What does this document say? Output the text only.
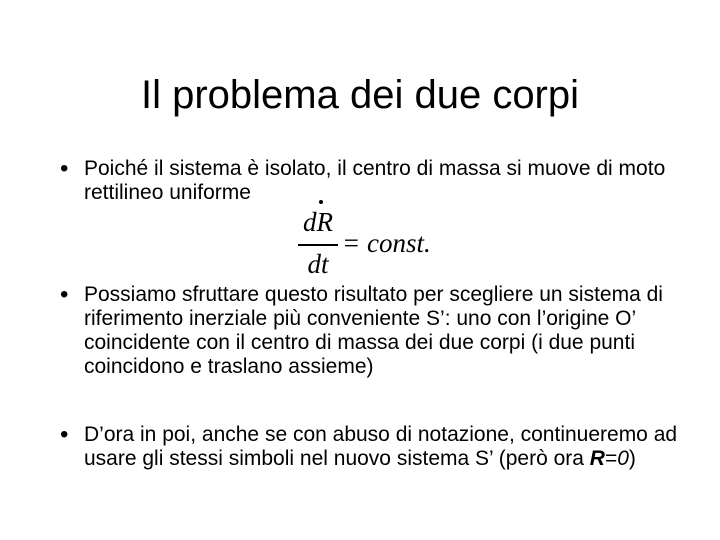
Il problema dei due corpi
• Poiché il sistema è isolato, il centro di massa si muove di moto rettilineo uniforme
dR
dt
= const.
• Possiamo sfruttare questo risultato per scegliere un sistema di riferimento inerziale più conveniente S’: uno con l’origine O’ coincidente con il centro di massa dei due corpi (i due punti coincidono e traslano assieme)
• D’ora in poi, anche se con abuso di notazione, continueremo ad usare gli stessi simboli nel nuovo sistema S’ (però ora R=0)
